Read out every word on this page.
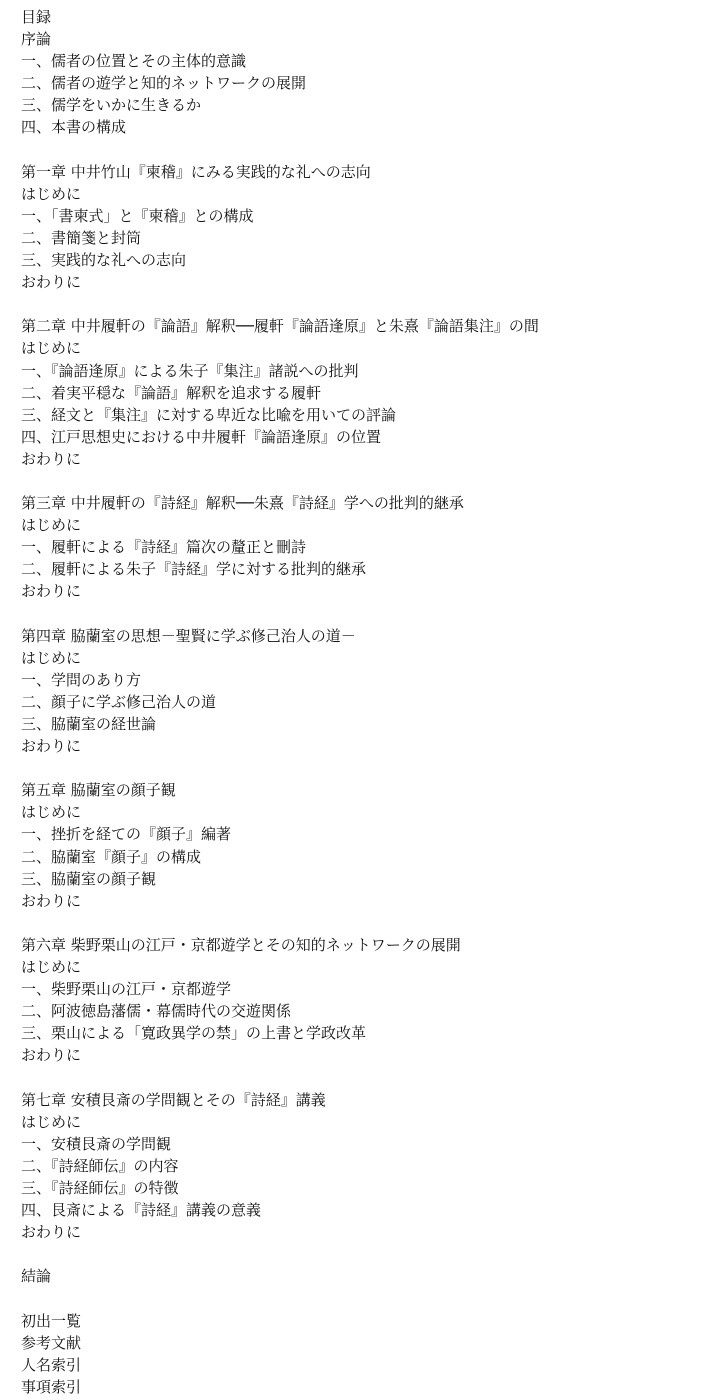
目録
序論
一、儒者の位置とその主体的意識
二、儒者の遊学と知的ネットワークの展開
三、儒学をいかに生きるか
四、本書の構成
第一章 中井竹山『柬稽』にみる実践的な礼への志向
はじめに
一、「書柬式」と『柬稽』との構成
二、書簡箋と封筒
三、実践的な礼への志向
おわりに
第二章 中井履軒の『論語』解釈──履軒『論語逢原』と朱熹『論語集注』の間
はじめに
一、『論語逢原』による朱子『集注』諸説への批判
二、着実平穏な『論語』解釈を追求する履軒
三、経文と『集注』に対する卑近な比喩を用いての評論
四、江戸思想史における中井履軒『論語逢原』の位置
おわりに
第三章 中井履軒の『詩経』解釈──朱熹『詩経』学への批判的継承
はじめに
一、履軒による『詩経』篇次の釐正と刪詩
二、履軒による朱子『詩経』学に対する批判的継承
おわりに
第四章 脇蘭室の思想－聖賢に学ぶ修己治人の道－
はじめに
一、学問のあり方
二、顔子に学ぶ修己治人の道
三、脇蘭室の経世論
おわりに
第五章 脇蘭室の顔子観
はじめに
一、挫折を経ての『顔子』編著
二、脇蘭室『顔子』の構成
三、脇蘭室の顔子観
おわりに
第六章 柴野栗山の江戸・京都遊学とその知的ネットワークの展開
はじめに
一、柴野栗山の江戸・京都遊学
二、阿波徳島藩儒・幕儒時代の交遊関係
三、栗山による「寛政異学の禁」の上書と学政改革
おわりに
第七章 安積艮斎の学問観とその『詩経』講義
はじめに
一、安積艮斎の学問観
二、『詩経師伝』の内容
三、『詩経師伝』の特徴
四、艮斎による『詩経』講義の意義
おわりに
結論
初出一覧
参考文献
人名索引
事項索引
